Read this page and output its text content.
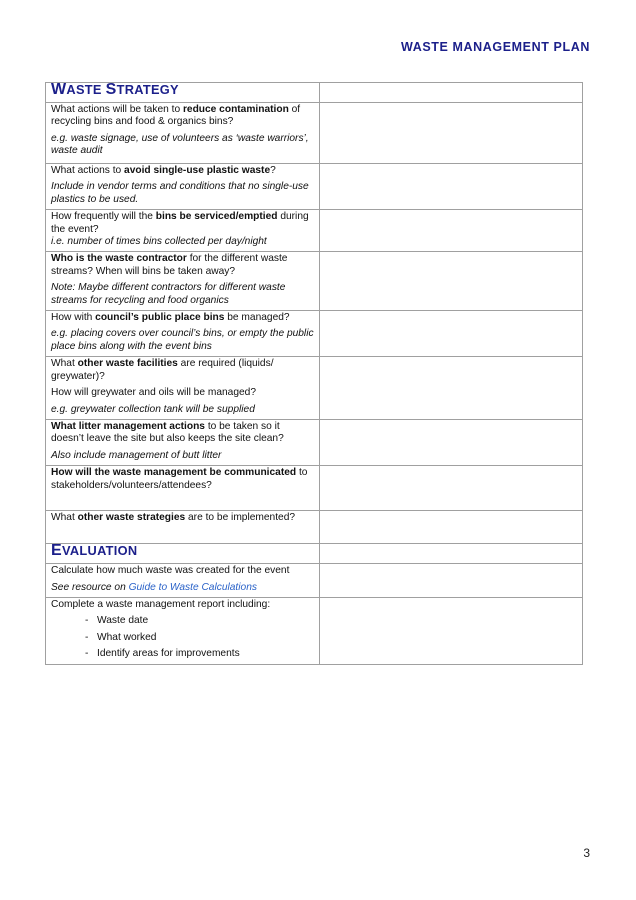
WASTE MANAGEMENT PLAN
WASTE STRATEGY	

What actions will be taken to reduce contamination of recycling bins and food & organics bins?

e.g. waste signage, use of volunteers as ‘waste warriors’, waste audit	

What actions to avoid single-use plastic waste?

Include in vendor terms and conditions that no single-use plastics to be used.	

How frequently will the bins be serviced/emptied during the event?

i.e. number of times bins collected per day/night	

Who is the waste contractor for the different waste streams? When will bins be taken away?

Note: Maybe different contractors for different waste streams for recycling and food organics	

How with council’s public place bins be managed?

e.g. placing covers over council’s bins, or empty the public place bins along with the event bins	

What other waste facilities are required (liquids/ greywater)?

How will greywater and oils will be managed?

e.g. greywater collection tank will be supplied	

What litter management actions to be taken so it doesn’t leave the site but also keeps the site clean?

Also include management of butt litter	

How will the waste management be communicated to stakeholders/volunteers/attendees?	

What other waste strategies are to be implemented?	

EVALUATION	

Calculate how much waste was created for the event

See resource on Guide to Waste Calculations	

Complete a waste management report including:

- Waste date
- What worked
- Identify areas for improvements

3
